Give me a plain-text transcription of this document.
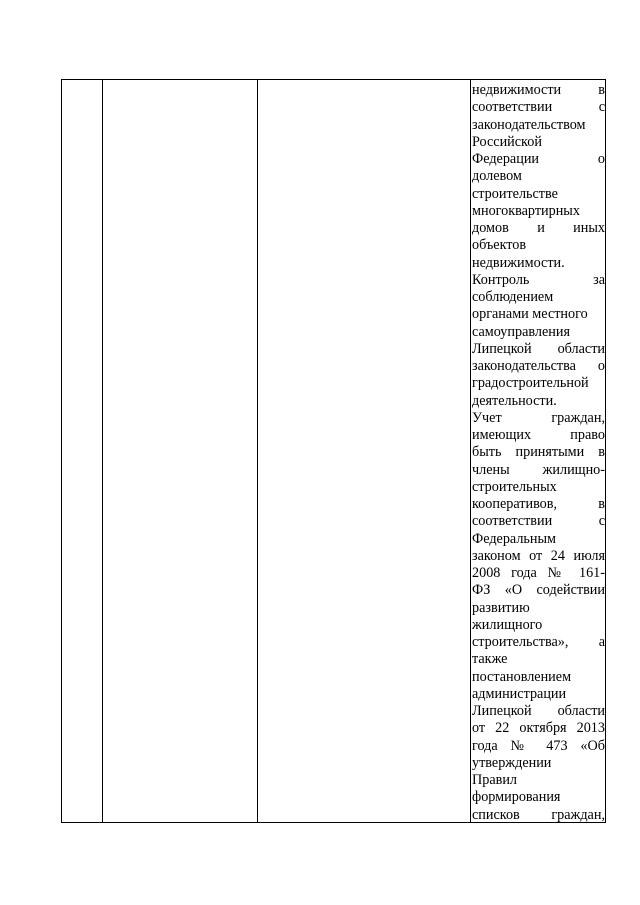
недвижимости в
соответствии с
законодательством
Российской
Федерации о
долевом
строительстве
многоквартирных
домов и иных
объектов
недвижимости.
Контроль за
соблюдением
органами местного
самоуправления
Липецкой области
законодательства о
градостроительной
деятельности.
Учет граждан,
имеющих право
быть принятыми в
члены жилищно-
строительных
кооперативов, в
соответствии с
Федеральным
законом от 24 июля
2008 года № 161-
ФЗ «О содействии
развитию
жилищного
строительства», а
также
постановлением
администрации
Липецкой области
от 22 октября 2013
года № 473 «Об
утверждении
Правил
формирования
списков граждан,
